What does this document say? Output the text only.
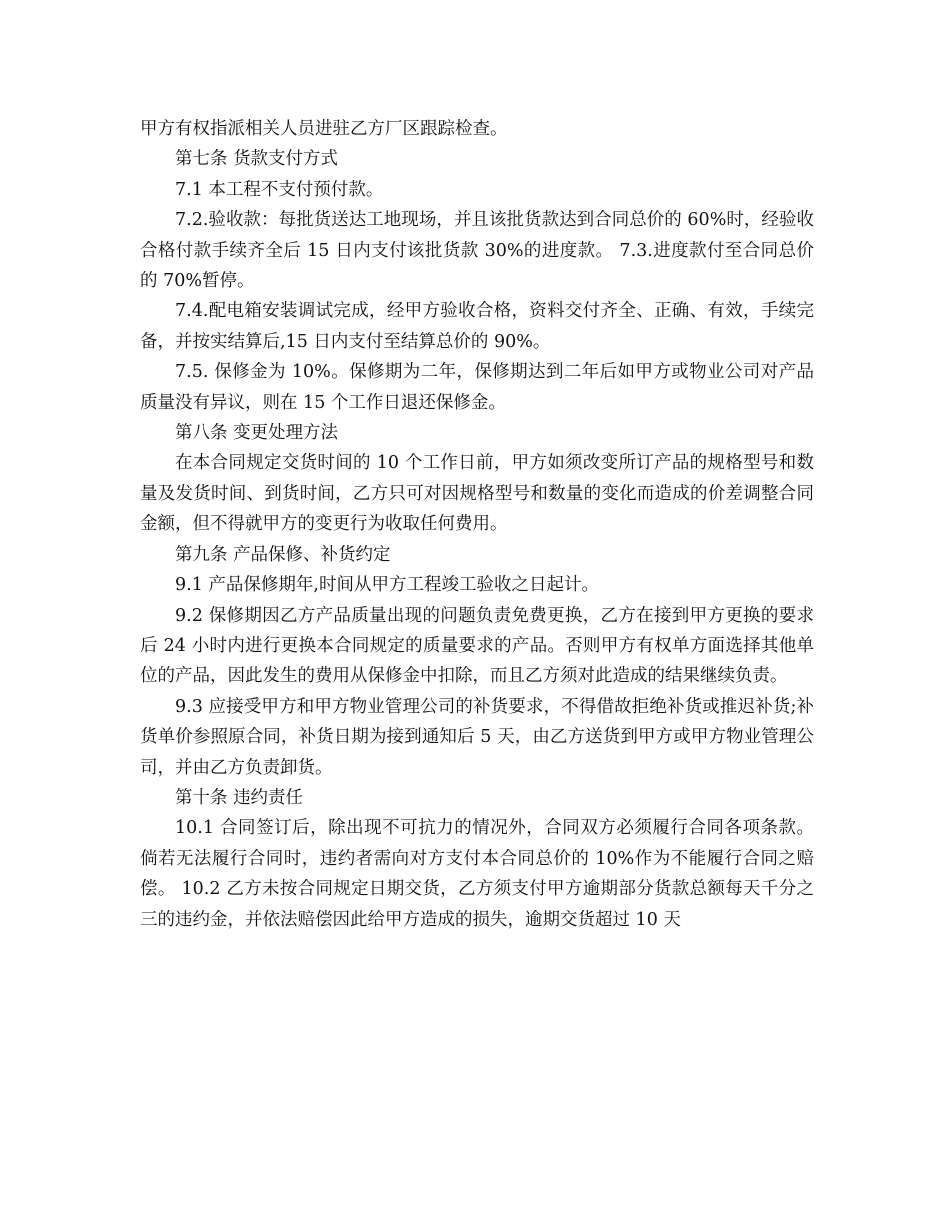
甲方有权指派相关人员进驻乙方厂区跟踪检查。

第七条 货款支付方式

7.1 本工程不支付预付款。

7.2.验收款：每批货送达工地现场，并且该批货款达到合同总价的 60%时，经验收合格付款手续齐全后 15 日内支付该批货款 30%的进度款。 7.3.进度款付至合同总价的 70%暂停。

7.4.配电箱安装调试完成，经甲方验收合格，资料交付齐全、正确、有效，手续完备，并按实结算后,15 日内支付至结算总价的 90%。

7.5. 保修金为 10%。保修期为二年，保修期达到二年后如甲方或物业公司对产品质量没有异议，则在 15 个工作日退还保修金。

第八条 变更处理方法

在本合同规定交货时间的 10 个工作日前，甲方如须改变所订产品的规格型号和数量及发货时间、到货时间，乙方只可对因规格型号和数量的变化而造成的价差调整合同金额，但不得就甲方的变更行为收取任何费用。

第九条 产品保修、补货约定

9.1 产品保修期年,时间从甲方工程竣工验收之日起计。

9.2 保修期因乙方产品质量出现的问题负责免费更换，乙方在接到甲方更换的要求后 24 小时内进行更换本合同规定的质量要求的产品。否则甲方有权单方面选择其他单位的产品，因此发生的费用从保修金中扣除，而且乙方须对此造成的结果继续负责。

9.3 应接受甲方和甲方物业管理公司的补货要求，不得借故拒绝补货或推迟补货;补货单价参照原合同，补货日期为接到通知后 5 天，由乙方送货到甲方或甲方物业管理公司，并由乙方负责卸货。

第十条 违约责任

10.1 合同签订后，除出现不可抗力的情况外，合同双方必须履行合同各项条款。倘若无法履行合同时，违约者需向对方支付本合同总价的 10%作为不能履行合同之赔偿。 10.2 乙方未按合同规定日期交货，乙方须支付甲方逾期部分货款总额每天千分之三的违约金，并依法赔偿因此给甲方造成的损失，逾期交货超过 10 天
